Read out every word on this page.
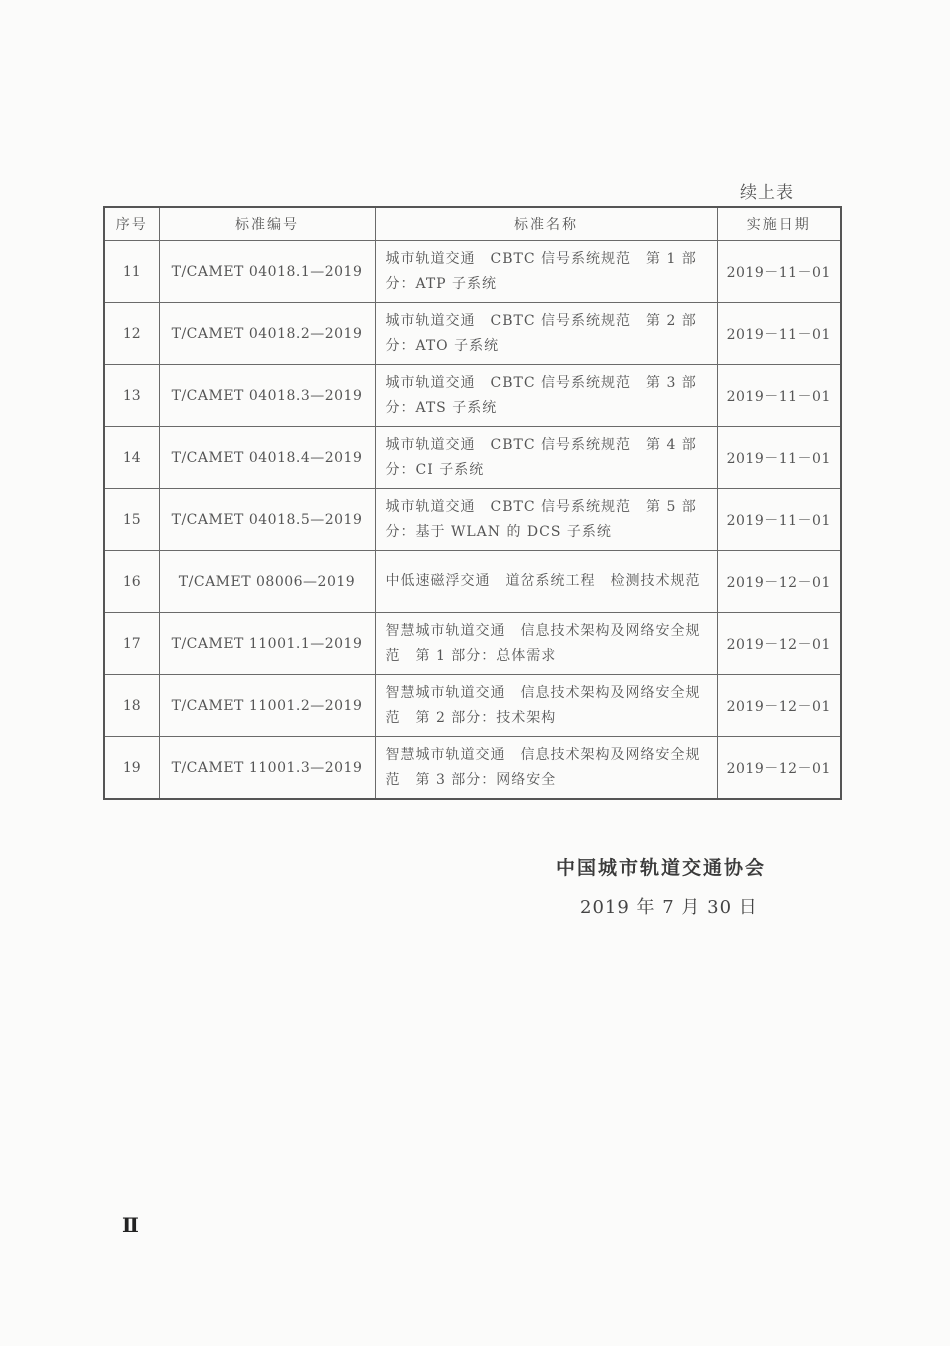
续上表
序号	标准编号	标准名称	实施日期
11	T/CAMET 04018.1—2019	城市轨道交通　CBTC 信号系统规范　第 1 部分：ATP 子系统	2019－11－01
12	T/CAMET 04018.2—2019	城市轨道交通　CBTC 信号系统规范　第 2 部分：ATO 子系统	2019－11－01
13	T/CAMET 04018.3—2019	城市轨道交通　CBTC 信号系统规范　第 3 部分：ATS 子系统	2019－11－01
14	T/CAMET 04018.4—2019	城市轨道交通　CBTC 信号系统规范　第 4 部分：CI 子系统	2019－11－01
15	T/CAMET 04018.5—2019	城市轨道交通　CBTC 信号系统规范　第 5 部分：基于 WLAN 的 DCS 子系统	2019－11－01
16	T/CAMET 08006—2019	中低速磁浮交通　道岔系统工程　检测技术规范	2019－12－01
17	T/CAMET 11001.1—2019	智慧城市轨道交通　信息技术架构及网络安全规范　第 1 部分：总体需求	2019－12－01
18	T/CAMET 11001.2—2019	智慧城市轨道交通　信息技术架构及网络安全规范　第 2 部分：技术架构	2019－12－01
19	T/CAMET 11001.3—2019	智慧城市轨道交通　信息技术架构及网络安全规范　第 3 部分：网络安全	2019－12－01
中国城市轨道交通协会
2019 年 7 月 30 日
Ⅱ
